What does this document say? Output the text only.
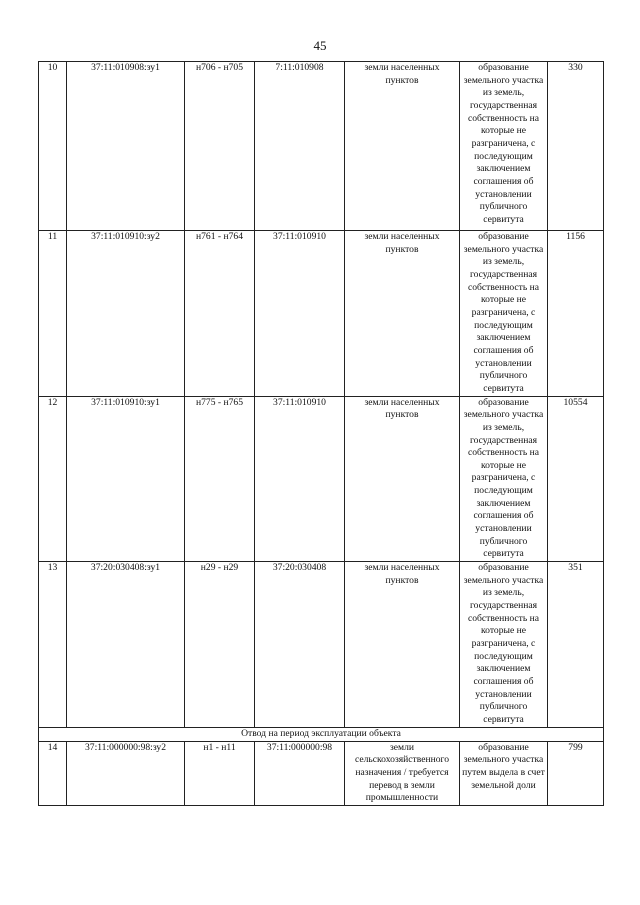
45
10	37:11:010908:зу1	н706 - н705	7:11:010908	земли населенных пунктов	образование земельного участка из земель, государственная собственность на которые не разграничена, с последующим заключением соглашения об установлении публичного сервитута	330
11	37:11:010910:зу2	н761 - н764	37:11:010910	земли населенных пунктов	образование земельного участка из земель, государственная собственность на которые не разграничена, с последующим заключением соглашения об установлении публичного сервитута	1156
12	37:11:010910:зу1	н775 - н765	37:11:010910	земли населенных пунктов	образование земельного участка из земель, государственная собственность на которые не разграничена, с последующим заключением соглашения об установлении публичного сервитута	10554
13	37:20:030408:зу1	н29 - н29	37:20:030408	земли населенных пунктов	образование земельного участка из земель, государственная собственность на которые не разграничена, с последующим заключением соглашения об установлении публичного сервитута	351
Отвод на период эксплуатации объекта						
14	37:11:000000:98:зу2	н1 - н11	37:11:000000:98	земли сельскохозяйственного назначения / требуется перевод в земли промышленности	образование земельного участка путем выдела в счет земельной доли	799
